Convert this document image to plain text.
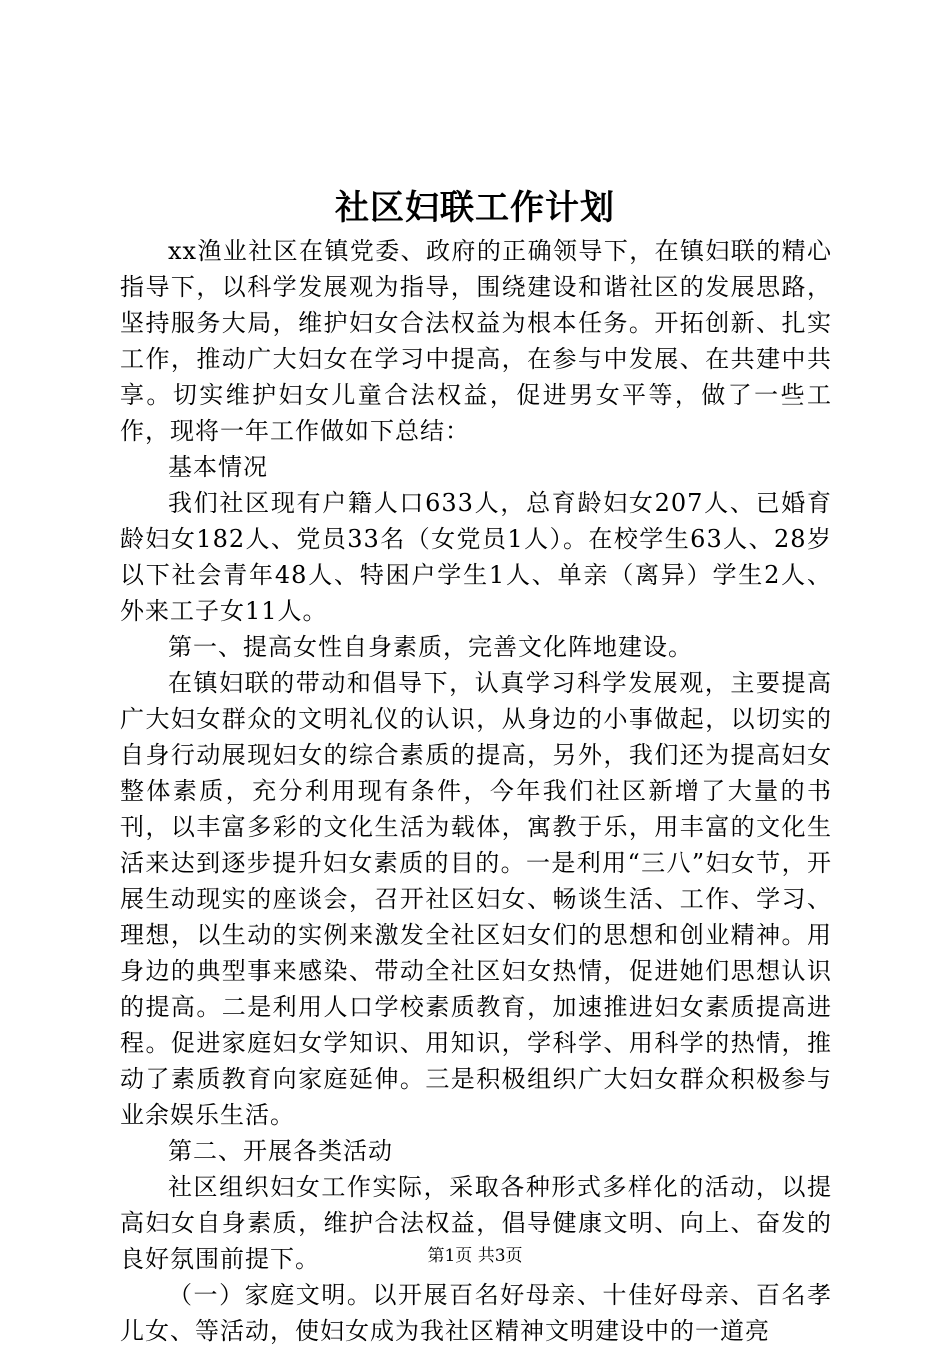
社区妇联工作计划

xx渔业社区在镇党委、政府的正确领导下，在镇妇联的精心指导下，以科学发展观为指导，围绕建设和谐社区的发展思路，坚持服务大局，维护妇女合法权益为根本任务。开拓创新、扎实工作，推动广大妇女在学习中提高，在参与中发展、在共建中共享。切实维护妇女儿童合法权益，促进男女平等，做了一些工作，现将一年工作做如下总结：

基本情况

我们社区现有户籍人口633人，总育龄妇女207人、已婚育龄妇女182人、党员33名（女党员1人）。在校学生63人、28岁以下社会青年48人、特困户学生1人、单亲（离异）学生2人、外来工子女11人。

第一、提高女性自身素质，完善文化阵地建设。

在镇妇联的带动和倡导下，认真学习科学发展观，主要提高广大妇女群众的文明礼仪的认识，从身边的小事做起，以切实的自身行动展现妇女的综合素质的提高，另外，我们还为提高妇女整体素质，充分利用现有条件，今年我们社区新增了大量的书刊，以丰富多彩的文化生活为载体，寓教于乐，用丰富的文化生活来达到逐步提升妇女素质的目的。一是利用“三八”妇女节，开展生动现实的座谈会，召开社区妇女、畅谈生活、工作、学习、理想，以生动的实例来激发全社区妇女们的思想和创业精神。用身边的典型事来感染、带动全社区妇女热情，促进她们思想认识的提高。二是利用人口学校素质教育，加速推进妇女素质提高进程。促进家庭妇女学知识、用知识，学科学、用科学的热情，推动了素质教育向家庭延伸。三是积极组织广大妇女群众积极参与业余娱乐生活。

第二、开展各类活动

社区组织妇女工作实际，采取各种形式多样化的活动，以提高妇女自身素质，维护合法权益，倡导健康文明、向上、奋发的良好氛围前提下。

（一）家庭文明。以开展百名好母亲、十佳好母亲、百名孝儿女、等活动，使妇女成为我社区精神文明建设中的一道亮

第1页 共3页
